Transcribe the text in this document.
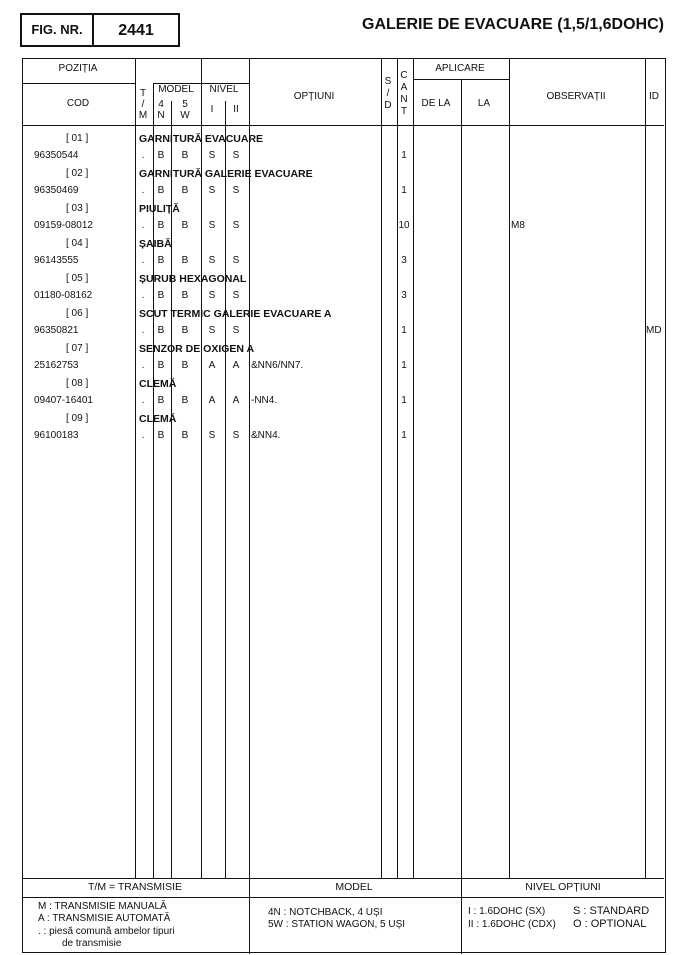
FIG. NR.	2441	GALERIE DE EVACUARE (1,5/1,6DOHC)
POZIȚIA
COD
T
/
M
MODEL
4
N
5
W
NIVEL
I	II
OPȚIUNI
S
/
D
C
A
N
T
APLICARE
DE LA	LA
OBSERVAȚII	ID
[ 01 ]	GARNITURĂ EVACUARE
96350544	.	B	B	S	S	1
[ 02 ]	GARNITURĂ GALERIE EVACUARE
96350469	.	B	B	S	S	1
[ 03 ]	PIULIȚĂ
09159-08012	.	B	B	S	S	10	M8
[ 04 ]	ȘAIBĂ
96143555	.	B	B	S	S	3
[ 05 ]	ȘURUB HEXAGONAL
01180-08162	.	B	B	S	S	3
[ 06 ]	SCUT TERMIC GALERIE EVACUARE A
96350821	.	B	B	S	S	1	MD
[ 07 ]	SENZOR DE OXIGEN A
25162753	.	B	B	A	A	&NN6/NN7.	1
[ 08 ]	CLEMĂ
09407-16401	.	B	B	A	A	-NN4.	1
[ 09 ]	CLEMĂ
96100183	.	B	B	S	S	&NN4.	1
T/M = TRANSMISIE
M : TRANSMISIE MANUALĂ
A : TRANSMISIE AUTOMATĂ
. : piesă comună ambelor tipuri
de transmisie
MODEL
4N : NOTCHBACK, 4 UȘI
5W : STATION WAGON, 5 UȘI
NIVEL OPȚIUNI
I : 1.6DOHC (SX)
II : 1.6DOHC (CDX)
S : STANDARD
O : OPTIONAL
